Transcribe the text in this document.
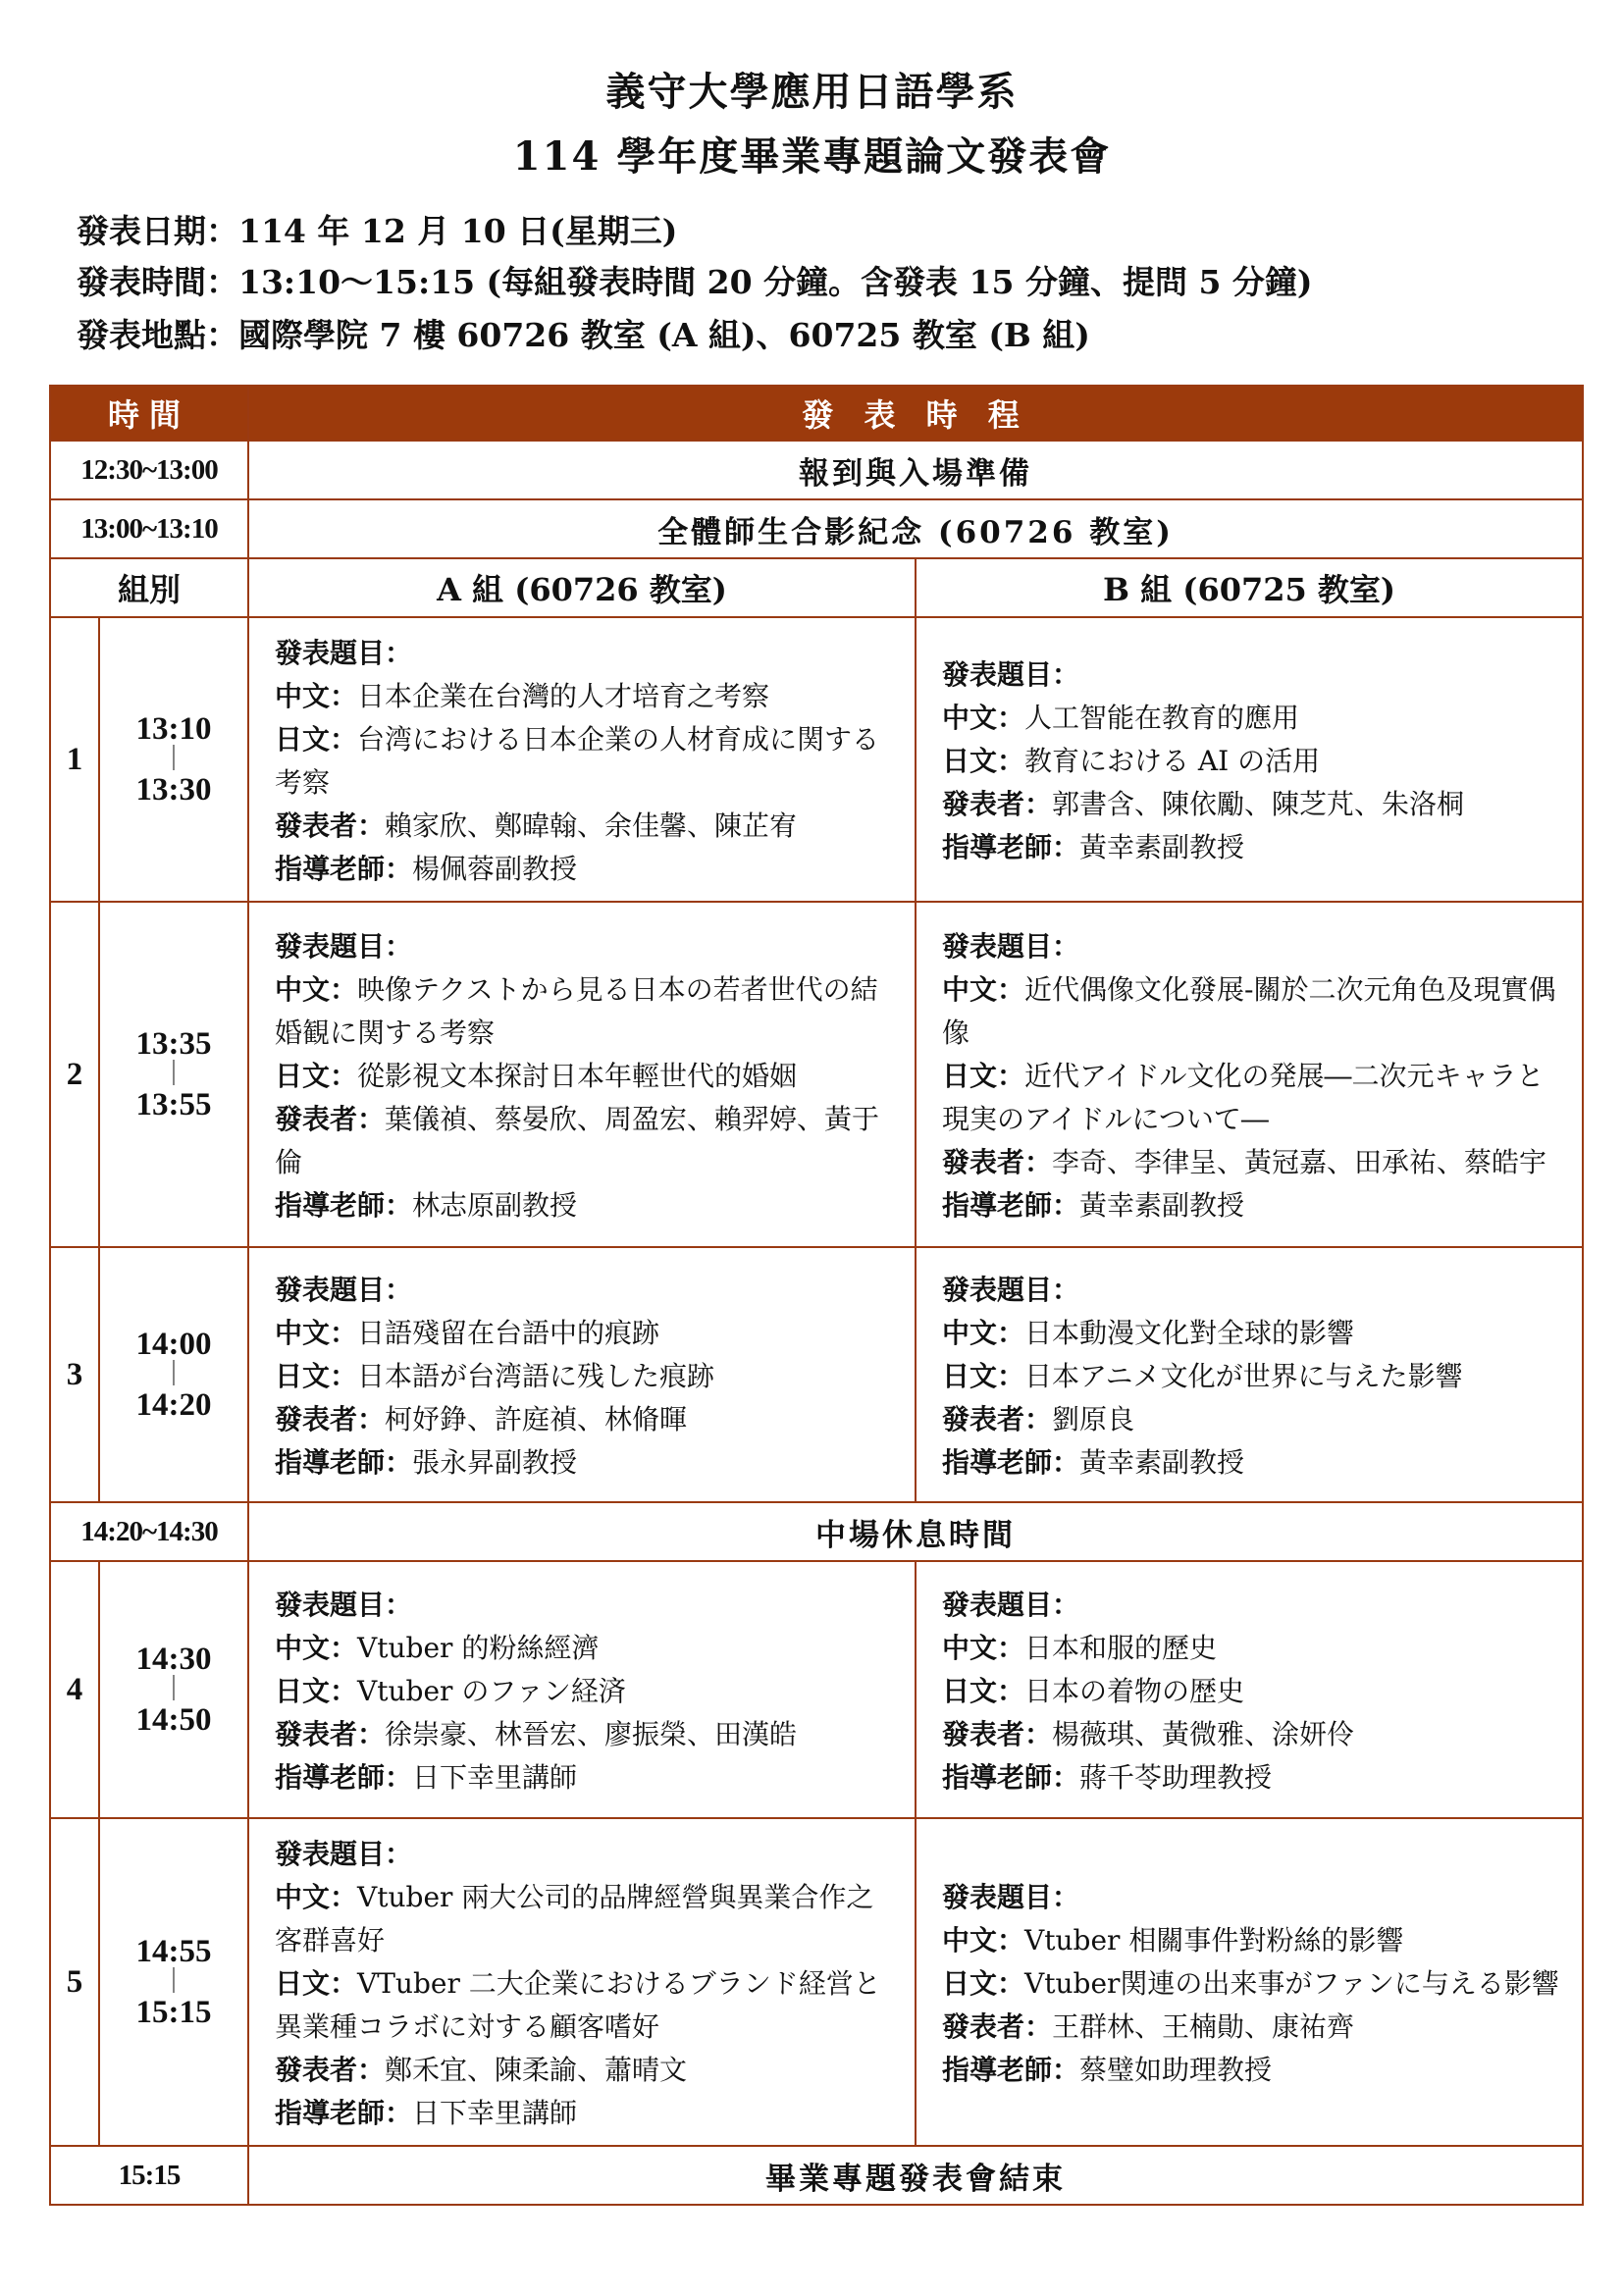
義守大學應用日語學系
114 學年度畢業專題論文發表會
發表日期：114 年 12 月 10 日(星期三)
發表時間：13:10～15:15 (每組發表時間 20 分鐘。含發表 15 分鐘、提問 5 分鐘)
發表地點：國際學院 7 樓 60726 教室 (A 組)、60725 教室 (B 組)
時間		發 表 時 程	
12:30~13:00		報到與入場準備	
13:00~13:10		全體師生合影紀念 (60726 教室)	
組別		A 組 (60726 教室)	B 組 (60725 教室)
1	13:10
｜
13:30	發表題目：
中文：日本企業在台灣的人才培育之考察
日文：台湾における日本企業の人材育成に関する考察
發表者：賴家欣、鄭暐翰、余佳馨、陳芷宥
指導老師：楊佩蓉副教授	發表題目：
中文：人工智能在教育的應用
日文：教育における AI の活用
發表者：郭書含、陳依勵、陳芝芃、朱洛桐
指導老師：黃幸素副教授

2	13:35
｜
13:55	發表題目：
中文：映像テクストから見る日本の若者世代の結婚観に関する考察
日文：從影視文本探討日本年輕世代的婚姻
發表者：葉儀禎、蔡晏欣、周盈宏、賴羿婷、黃于倫
指導老師：林志原副教授	發表題目：
中文：近代偶像文化發展-關於二次元角色及現實偶像
日文：近代アイドル文化の発展―二次元キャラと現実のアイドルについて―
發表者：李奇、李律呈、黃冠嘉、田承祐、蔡皓宇
指導老師：黃幸素副教授

3	14:00
｜
14:20	發表題目：
中文：日語殘留在台語中的痕跡
日文：日本語が台湾語に残した痕跡
發表者：柯妤錚、許庭禎、林脩暉
指導老師：張永昇副教授	發表題目：
中文：日本動漫文化對全球的影響
日文：日本アニメ文化が世界に与えた影響
發表者：劉原良
指導老師：黃幸素副教授

14:20~14:30		中場休息時間	
4	14:30
｜
14:50	發表題目：
中文：Vtuber 的粉絲經濟
日文：Vtuber のファン経済
發表者：徐崇豪、林晉宏、廖振榮、田漢皓
指導老師：日下幸里講師	發表題目：
中文：日本和服的歷史
日文：日本の着物の歴史
發表者：楊薇琪、黃微雅、涂妍伶
指導老師：蔣千苓助理教授

5	14:55
｜
15:15	發表題目：
中文：Vtuber 兩大公司的品牌經營與異業合作之客群喜好
日文：VTuber 二大企業におけるブランド経営と異業種コラボに対する顧客嗜好
發表者：鄭禾宜、陳柔諭、蕭晴文
指導老師：日下幸里講師	發表題目：
中文：Vtuber 相關事件對粉絲的影響
日文：Vtuber関連の出来事がファンに与える影響
發表者：王群林、王楠勛、康祐齊
指導老師：蔡璧如助理教授

15:15		畢業專題發表會結束	
